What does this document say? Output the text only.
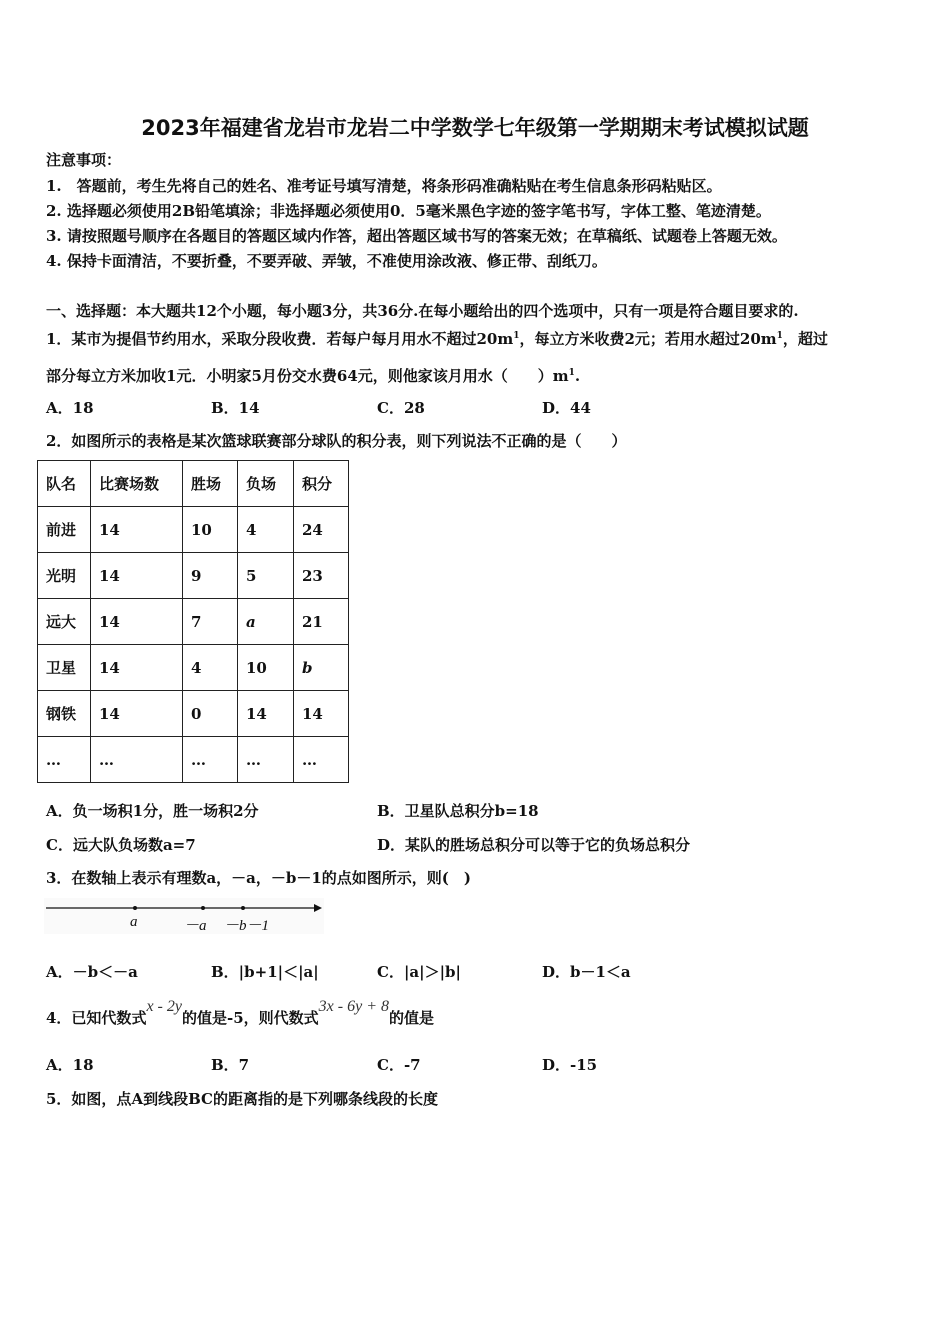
2023年福建省龙岩市龙岩二中学数学七年级第一学期期末考试模拟试题
注意事项：
1.　答题前，考生先将自己的姓名、准考证号填写清楚，将条形码准确粘贴在考生信息条形码粘贴区。
2. 选择题必须使用2B铅笔填涂；非选择题必须使用0．5毫米黑色字迹的签字笔书写，字体工整、笔迹清楚。
3. 请按照题号顺序在各题目的答题区域内作答，超出答题区域书写的答案无效；在草稿纸、试题卷上答题无效。
4. 保持卡面清洁，不要折叠，不要弄破、弄皱，不准使用涂改液、修正带、刮纸刀。
一、选择题：本大题共12个小题，每小题3分，共36分.在每小题给出的四个选项中，只有一项是符合题目要求的.
1．某市为提倡节约用水，采取分段收费．若每户每月用水不超过$20m^1$，每立方米收费2元；若用水超过$20m^1$，超过
部分每立方米加收1元．小明家5月份交水费64元，则他家该月用水（　　）$m^1$.
A．18	B．14	C．28	D．44
2．如图所示的表格是某次篮球联赛部分球队的积分表，则下列说法不正确的是（　　）
队名	比赛场数	胜场	负场	积分
前进	14	10	4	24
光明	14	9	5	23
远大	14	7	a	21
卫星	14	4	10	b
钢铁	14	0	14	14
…	…	…	…	…
A．负一场积1分，胜一场积2分	B．卫星队总积分b=18
C．远大队负场数a=7	D．某队的胜场总积分可以等于它的负场总积分
3．在数轴上表示有理数a，－a，－b－1的点如图所示，则(　)
a	－a －b－1
A．－b＜－a	B．|b+1|＜|a|	C．|a|＞|b|	D．b－1＜a
4．已知代数式x - 2y的值是-5，则代数式3x - 6y + 8的值是
A．18	B．7	C．-7	D．-15
5．如图，点A到线段BC的距离指的是下列哪条线段的长度
